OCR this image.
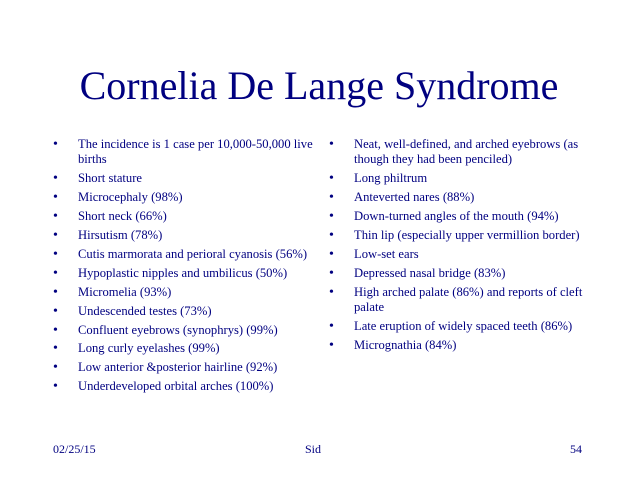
Cornelia De Lange Syndrome
• The incidence is 1 case per 10,000-50,000 live births
• Short stature
• Microcephaly (98%)
• Short neck (66%)
• Hirsutism (78%)
• Cutis marmorata and perioral cyanosis (56%)
• Hypoplastic nipples and umbilicus (50%)
• Micromelia (93%)
• Undescended testes (73%)
• Confluent eyebrows (synophrys) (99%)
• Long curly eyelashes (99%)
• Low anterior &posterior hairline (92%)
• Underdeveloped orbital arches (100%)
• Neat, well-defined, and arched eyebrows (as though they had been penciled)
• Long philtrum
• Anteverted nares (88%)
• Down-turned angles of the mouth (94%)
• Thin lip (especially upper vermillion border)
• Low-set ears
• Depressed nasal bridge (83%)
• High arched palate (86%) and reports of cleft palate
• Late eruption of widely spaced teeth (86%)
• Micrognathia (84%)
02/25/15	Sid	54
